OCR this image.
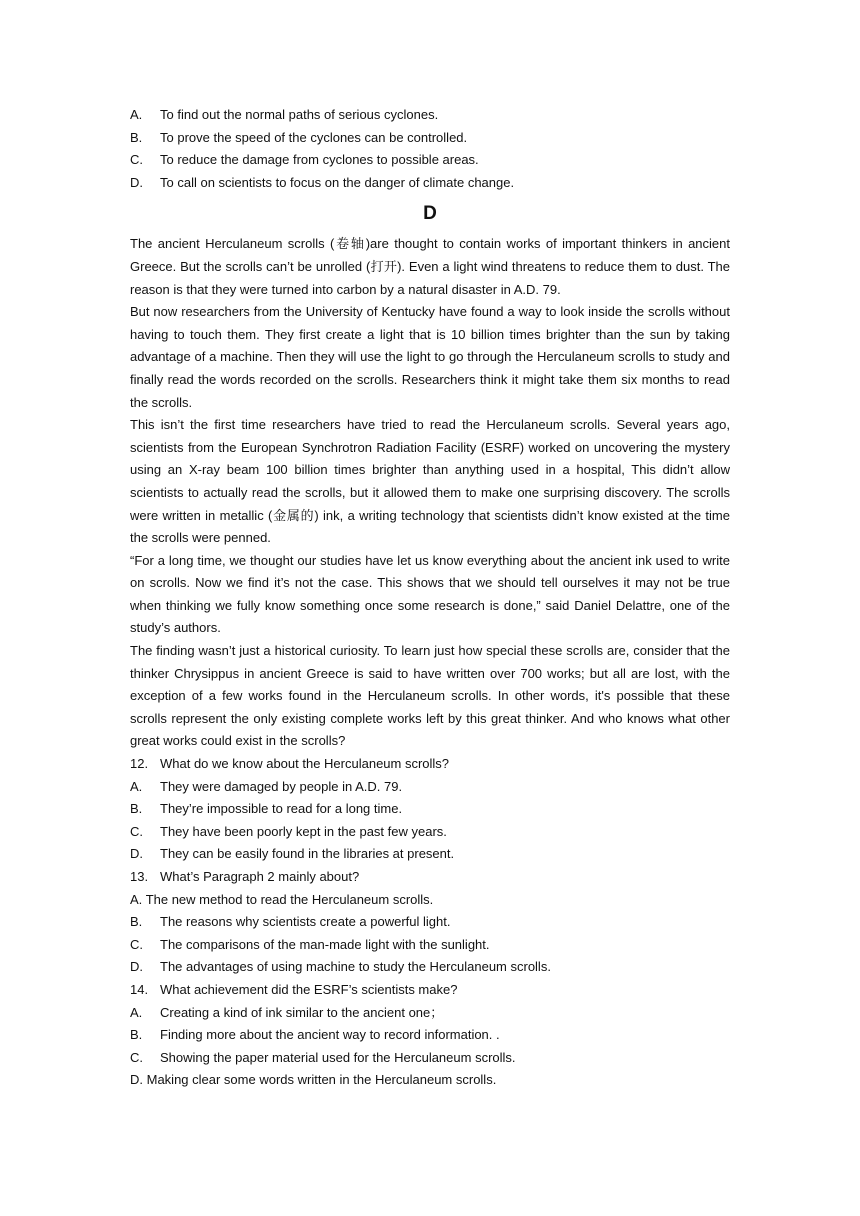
A.	To find out the normal paths of serious cyclones.
B.	To prove the speed of the cyclones can be controlled.
C.	To reduce the damage from cyclones to possible areas.
D.	To call on scientists to focus on the danger of climate change.
D
The ancient Herculaneum scrolls (卷轴)are thought to contain works of important thinkers in ancient Greece. But the scrolls can’t be unrolled (打开). Even a light wind threatens to reduce them to dust. The reason is that they were turned into carbon by a natural disaster in A.D. 79.
But now researchers from the University of Kentucky have found a way to look inside the scrolls without having to touch them. They first create a light that is 10 billion times brighter than the sun by taking advantage of a machine. Then they will use the light to go through the Herculaneum scrolls to study and finally read the words recorded on the scrolls. Researchers think it might take them six months to read the scrolls.
This isn’t the first time researchers have tried to read the Herculaneum scrolls. Several years ago, scientists from the European Synchrotron Radiation Facility (ESRF) worked on uncovering the mystery using an X-ray beam 100 billion times brighter than anything used in a hospital, This didn’t allow scientists to actually read the scrolls, but it allowed them to make one surprising discovery. The scrolls were written in metallic (金属的) ink, a writing technology that scientists didn’t know existed at the time the scrolls were penned.
“For a long time, we thought our studies have let us know everything about the ancient ink used to write on scrolls. Now we find it’s not the case. This shows that we should tell ourselves it may not be true when thinking we fully know something once some research is done,” said Daniel Delattre, one of the study’s authors.
The finding wasn’t just a historical curiosity. To learn just how special these scrolls are, consider that the thinker Chrysippus in ancient Greece is said to have written over 700 works; but all are lost, with the exception of a few works found in the Herculaneum scrolls. In other words, it's possible that these scrolls represent the only existing complete works left by this great thinker. And who knows what other great works could exist in the scrolls?
12. What do we know about the Herculaneum scrolls?
A.	They were damaged by people in A.D. 79.
B.	They’re impossible to read for a long time.
C.	They have been poorly kept in the past few years.
D.	They can be easily found in the libraries at present.
13. What’s Paragraph 2 mainly about?
A. The new method to read the Herculaneum scrolls.
B.	The reasons why scientists create a powerful light.
C.	The comparisons of the man-made light with the sunlight.
D.	The advantages of using machine to study the Herculaneum scrolls.
14. What achievement did the ESRF’s scientists make?
A.	Creating a kind of ink similar to the ancient one；
B.	Finding more about the ancient way to record information. .
C.	Showing the paper material used for the Herculaneum scrolls.
D. Making clear some words written in the Herculaneum scrolls.
